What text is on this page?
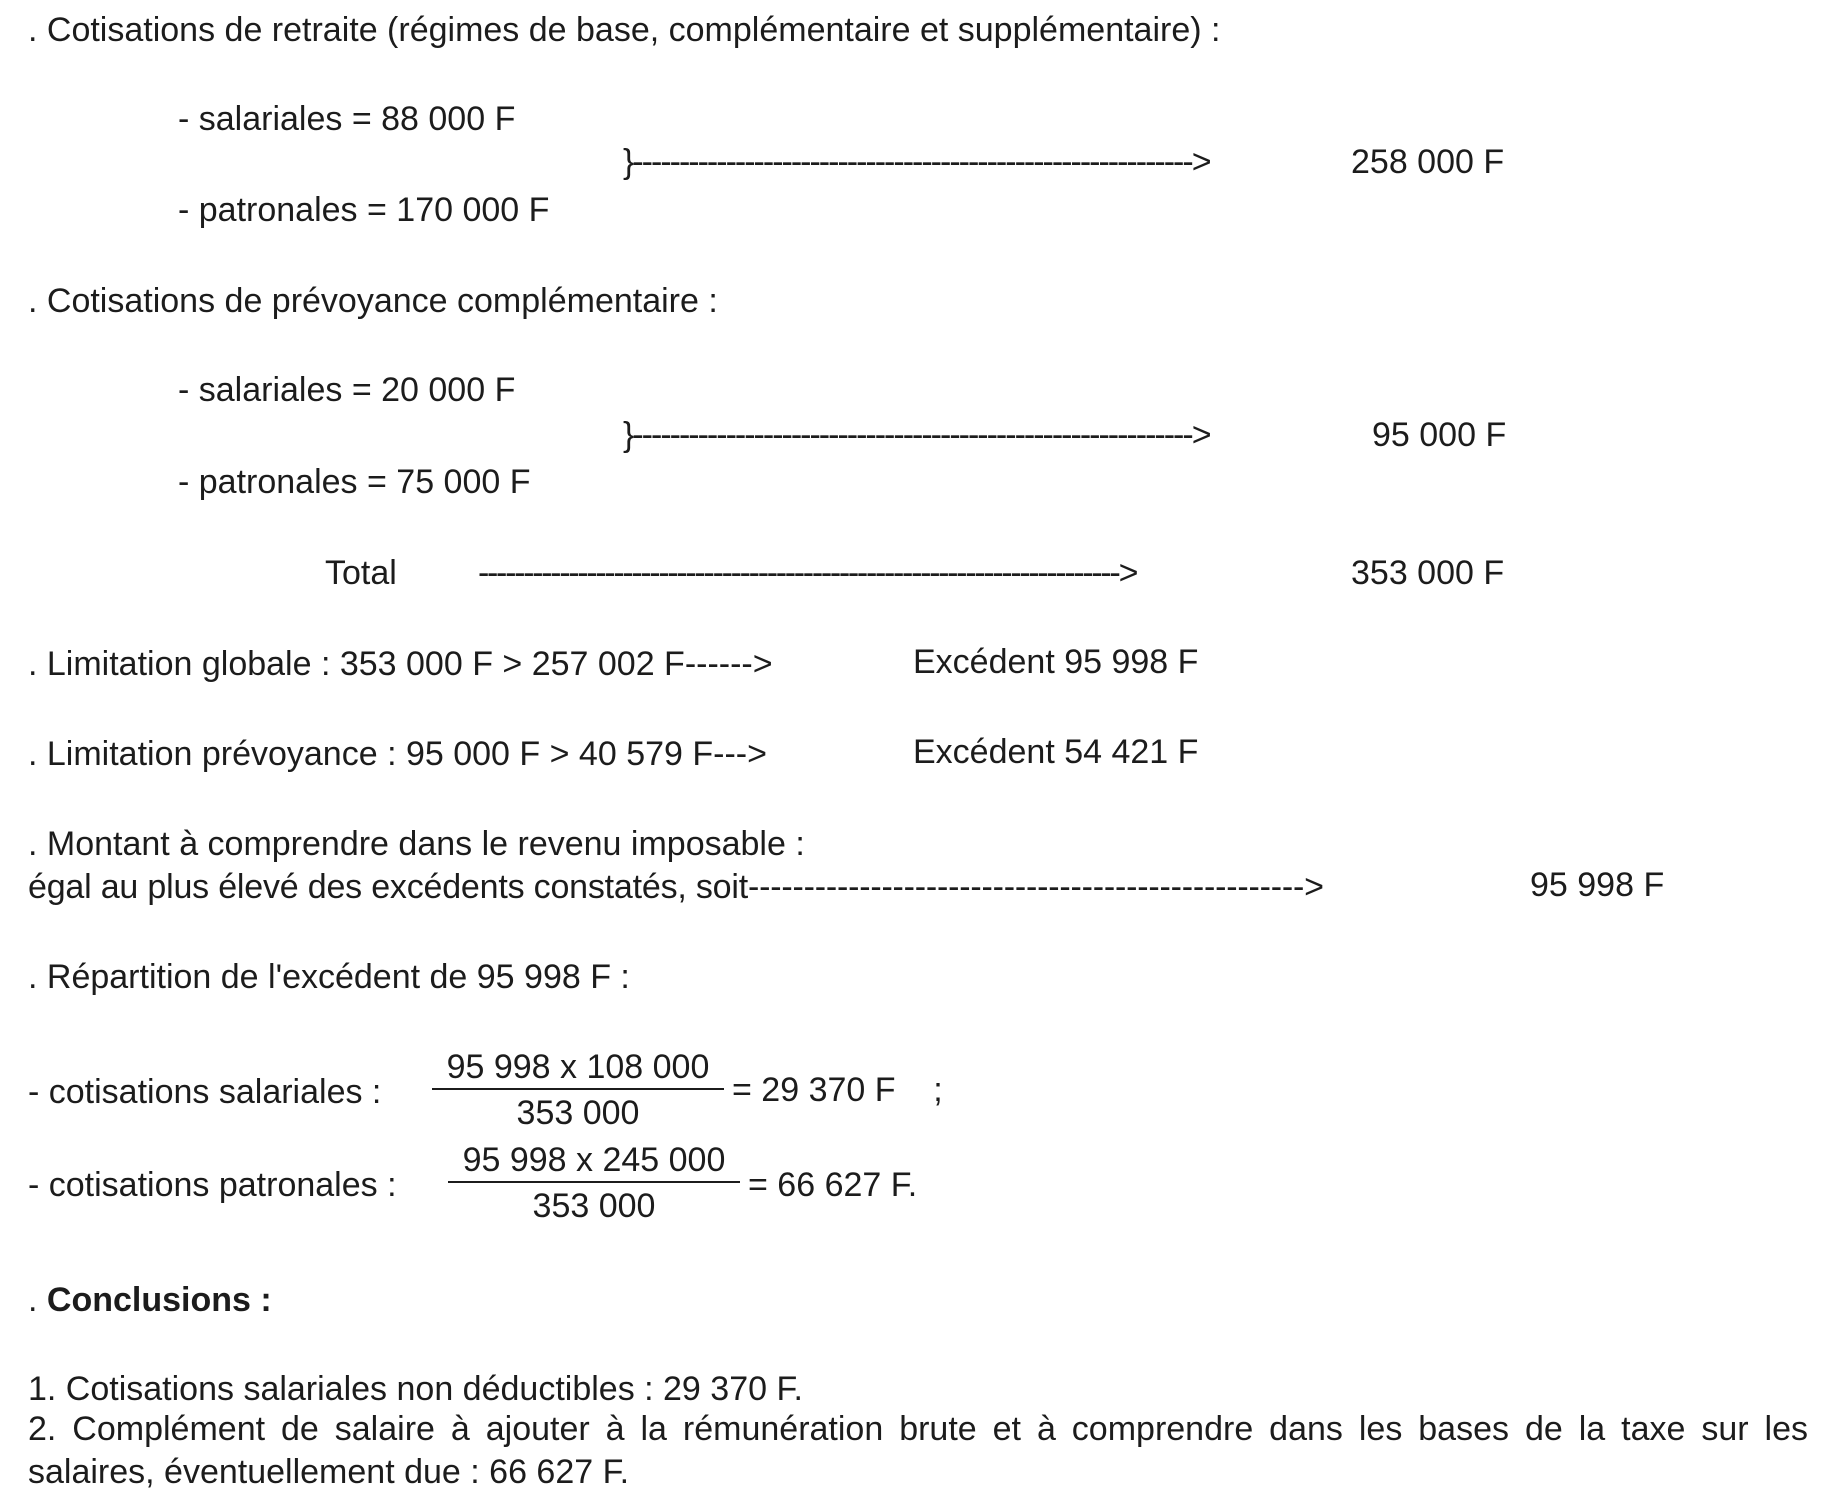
. Cotisations de retraite (régimes de base, complémentaire et supplémentaire) :
- salariales = 88 000 F
}------------------------------------------------------------>	258 000 F
- patronales = 170 000 F
. Cotisations de prévoyance complémentaire :
- salariales = 20 000 F
}------------------------------------------------------------>	95 000 F
- patronales = 75 000 F
Total ----------------------------------------------------------------------->	353 000 F
. Limitation globale : 353 000 F > 257 002 F------>	Excédent 95 998 F
. Limitation prévoyance : 95 000 F > 40 579 F--->	Excédent 54 421 F
. Montant à comprendre dans le revenu imposable :
égal au plus élevé des excédents constatés, soit-------------------------------------------------->	95 998 F
. Répartition de l'excédent de 95 998 F :
- cotisations salariales : $\frac{95 998 x 108 000}{353 000} = 29$ 370 F    ;
- cotisations patronales : $\frac{95 998 x 245 000}{353 000} = 66$ 627 F.
. Conclusions :
1. Cotisations salariales non déductibles : 29 370 F.
2. Complément de salaire à ajouter à la rémunération brute et à comprendre dans les bases de la taxe sur les salaires, éventuellement due : 66 627 F.
